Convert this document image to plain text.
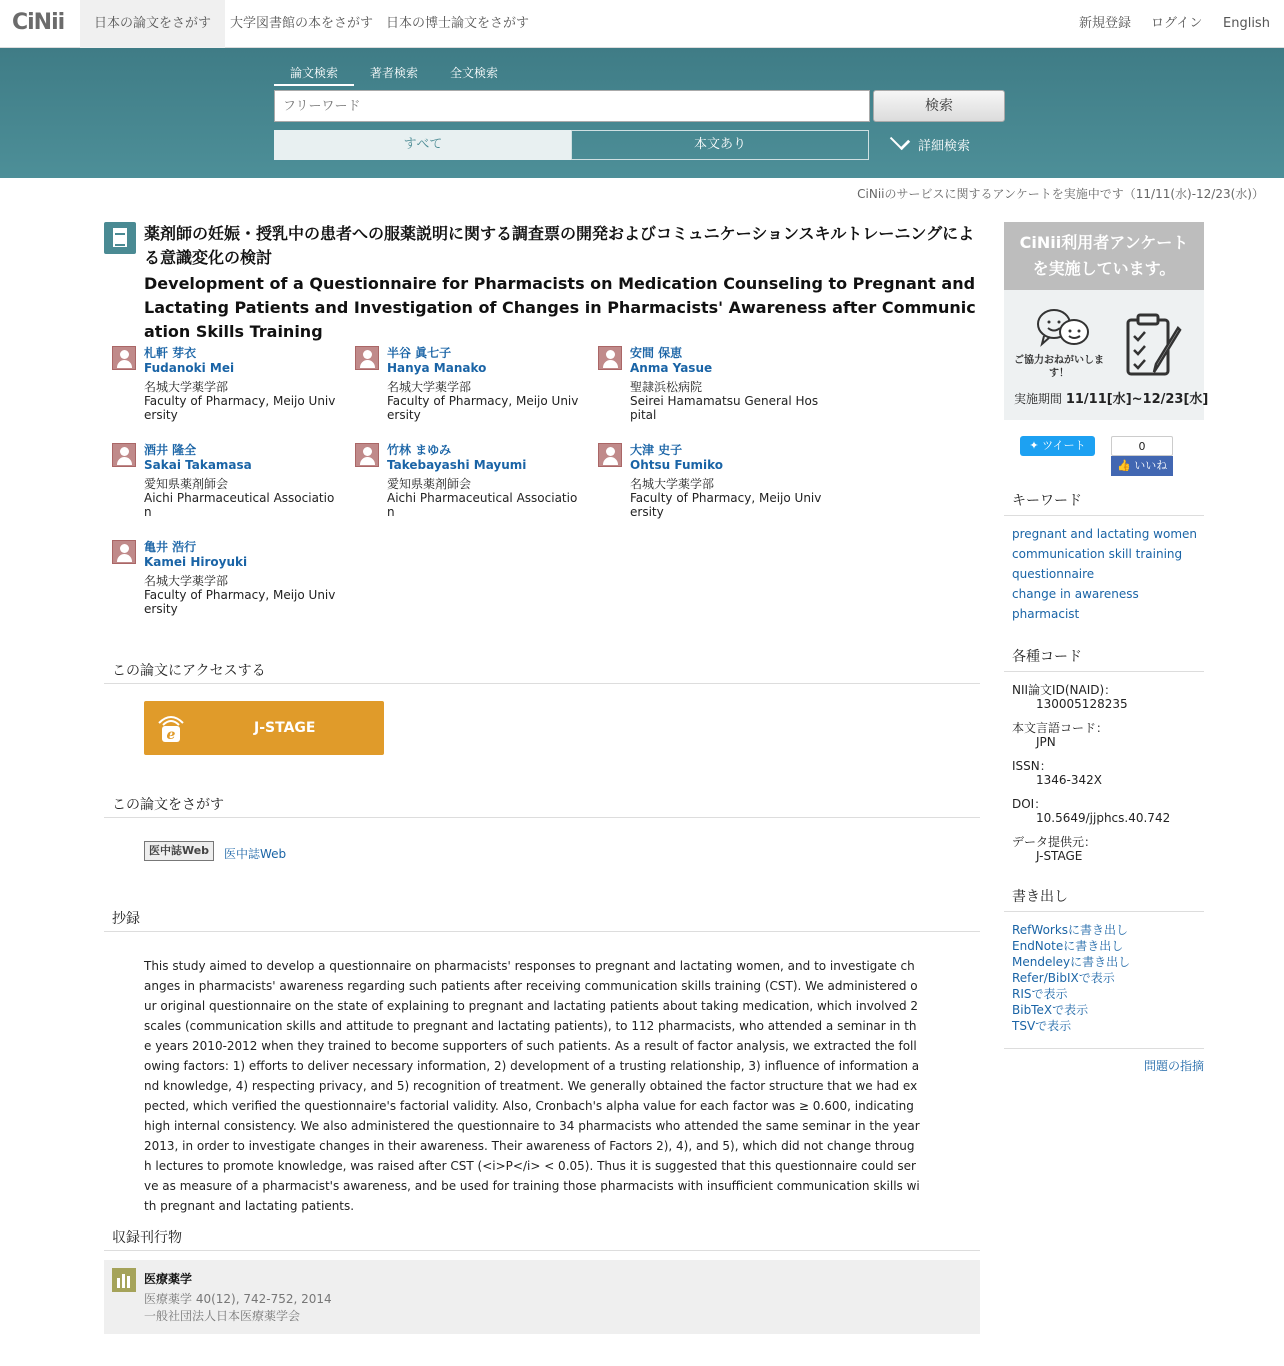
CiNii	日本の論文をさがす	大学図書館の本をさがす 日本の博士論文をさがす	新規登録 ログイン English
論文検索	著者検索	全文検索
フリーワード
検索
すべて	本文あり	詳細検索
CiNiiのサービスに関するアンケートを実施中です（11/11(水)-12/23(水)）
薬剤師の妊娠・授乳中の患者への服薬説明に関する調査票の開発およびコミュニケーションスキルトレーニングによる意識変化の検討
Development of a Questionnaire for Pharmacists on Medication Counseling to Pregnant and Lactating Patients and Investigation of Changes in Pharmacists' Awareness after Communication Skills Training
札軒 芽衣
Fudanoki Mei
名城大学薬学部
Faculty of Pharmacy, Meijo University
半谷 眞七子
Hanya Manako
名城大学薬学部
Faculty of Pharmacy, Meijo University
安間 保恵
Anma Yasue
聖隷浜松病院
Seirei Hamamatsu General Hospital
酒井 隆全
Sakai Takamasa
愛知県薬剤師会
Aichi Pharmaceutical Association
竹林 まゆみ
Takebayashi Mayumi
愛知県薬剤師会
Aichi Pharmaceutical Association
大津 史子
Ohtsu Fumiko
名城大学薬学部
Faculty of Pharmacy, Meijo University
亀井 浩行
Kamei Hiroyuki
名城大学薬学部
Faculty of Pharmacy, Meijo University
この論文にアクセスする
e	J-STAGE
この論文をさがす
医中誌Web	医中誌Web
抄録
This study aimed to develop a questionnaire on pharmacists' responses to pregnant and lactating women, and to investigate changes in pharmacists' awareness regarding such patients after receiving communication skills training (CST). We administered our original questionnaire on the state of explaining to pregnant and lactating patients about taking medication, which involved 2 scales (communication skills and attitude to pregnant and lactating patients), to 112 pharmacists, who attended a seminar in the years 2010-2012 when they trained to become supporters of such patients. As a result of factor analysis, we extracted the following factors: 1) efforts to deliver necessary information, 2) development of a trusting relationship, 3) influence of information and knowledge, 4) respecting privacy, and 5) recognition of treatment. We generally obtained the factor structure that we had expected, which verified the questionnaire's factorial validity. Also, Cronbach's alpha value for each factor was ≥ 0.600, indicating high internal consistency. We also administered the questionnaire to 34 pharmacists who attended the same seminar in the year 2013, in order to investigate changes in their awareness. Their awareness of Factors 2), 4), and 5), which did not change through lectures to promote knowledge, was raised after CST (<i>P</i> < 0.05). Thus it is suggested that this questionnaire could serve as measure of a pharmacist's awareness, and be used for training those pharmacists with insufficient communication skills with pregnant and lactating patients.
収録刊行物
医療薬学
医療薬学 40(12), 742-752, 2014
一般社団法人日本医療薬学会
CiNii利用者アンケート
を実施しています。
ご協力おねがいします！
実施期間 11/11[水]~12/23[水]
✦ ツイート	0
👍 いいね
キーワード
pregnant and lactating women
communication skill training
questionnaire
change in awareness
pharmacist
各種コード
NII論文ID(NAID)：
130005128235
本文言語コード：
JPN
ISSN：
1346-342X
DOI：
10.5649/jjphcs.40.742
データ提供元：
J-STAGE
書き出し
RefWorksに書き出し
EndNoteに書き出し
Mendeleyに書き出し
Refer/BibIXで表示
RISで表示
BibTeXで表示
TSVで表示
問題の指摘
